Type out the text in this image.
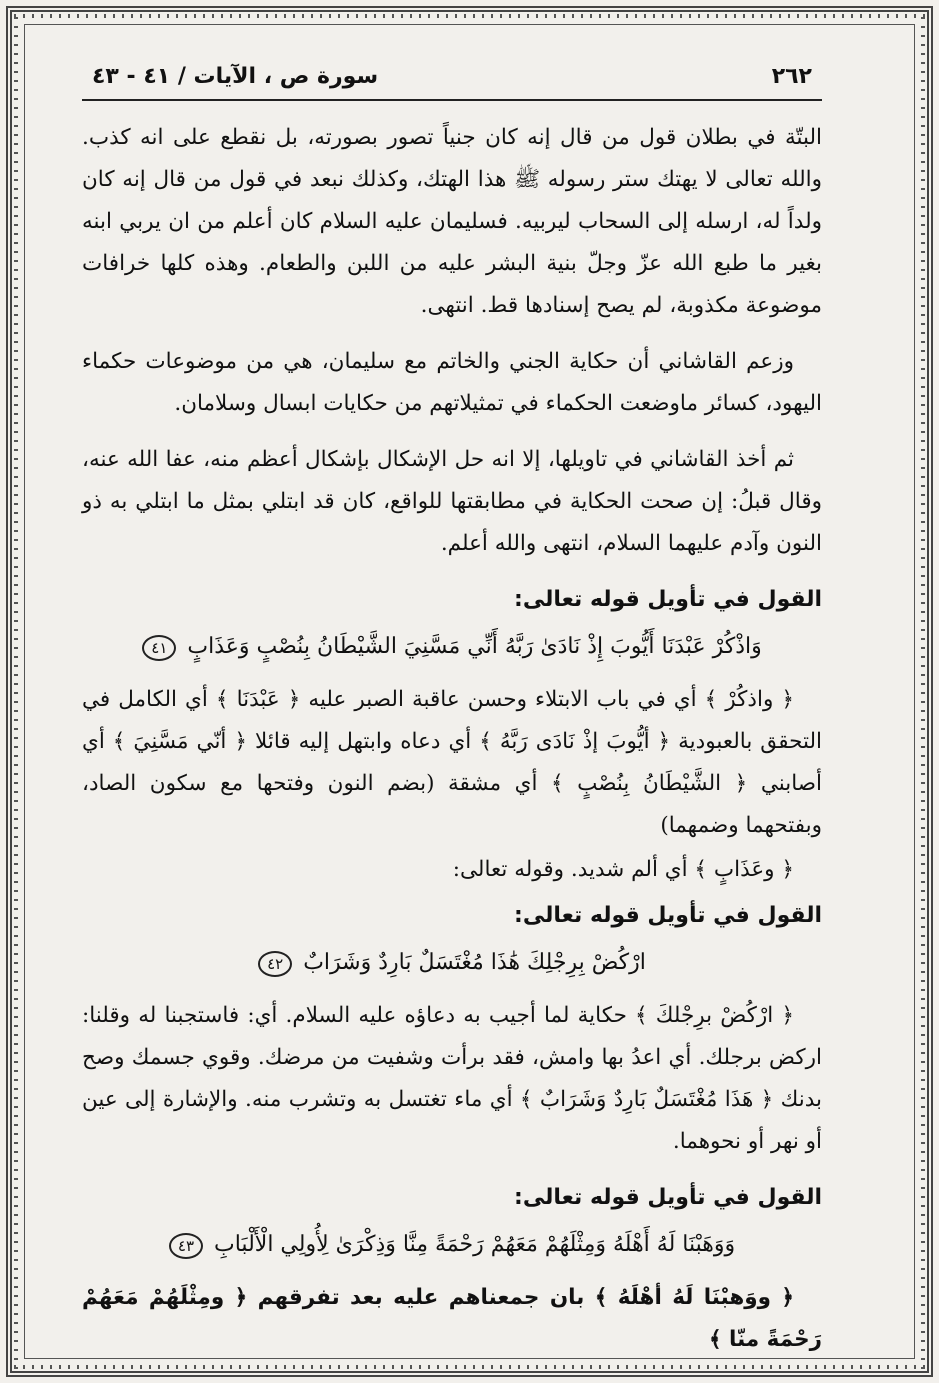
٢٦٢
سورة ص ، الآيات / ٤١ - ٤٣

البتّة في بطلان قول من قال إنه كان جنياً تصور بصورته، بل نقطع على انه كذب. والله تعالى لا يهتك ستر رسوله ﷺ هذا الهتك، وكذلك نبعد في قول من قال إنه كان ولداً له، ارسله إلى السحاب ليربيه. فسليمان عليه السلام كان أعلم من ان يربي ابنه بغير ما طبع الله عزّ وجلّ بنية البشر عليه من اللبن والطعام. وهذه كلها خرافات موضوعة مكذوبة، لم يصح إسنادها قط. انتهى.

وزعم القاشاني أن حكاية الجني والخاتم مع سليمان، هي من موضوعات حكماء اليهود، كسائر ماوضعت الحكماء في تمثيلاتهم من حكايات ابسال وسلامان.

ثم أخذ القاشاني في تاويلها، إلا انه حل الإشكال بإشكال أعظم منه، عفا الله عنه، وقال قبلُ: إن صحت الحكاية في مطابقتها للواقع، كان قد ابتلي بمثل ما ابتلي به ذو النون وآدم عليهما السلام، انتهى والله أعلم.

القول في تأويل قوله تعالى:
وَاذْكُرْ عَبْدَنَا أَيُّوبَ إِذْ نَادَىٰ رَبَّهُ أَنِّي مَسَّنِيَ الشَّيْطَانُ بِنُصْبٍ وَعَذَابٍ ٤١

﴿ واذكُرْ ﴾ أي في باب الابتلاء وحسن عاقبة الصبر عليه ﴿ عَبْدَنَا ﴾ أي الكامل في التحقق بالعبودية ﴿ أيُّوبَ إذْ نَادَى رَبَّهُ ﴾ أي دعاه وابتهل إليه قائلا ﴿ أنّي مَسَّنِيَ ﴾ أي أصابني ﴿ الشَّيْطَانُ بِنُصْبٍ ﴾ أي مشقة (بضم النون وفتحها مع سكون الصاد، وبفتحهما وضمهما)

﴿ وعَذَابٍ ﴾ أي ألم شديد. وقوله تعالى:

القول في تأويل قوله تعالى:
ارْكُضْ بِرِجْلِكَ هَٰذَا مُغْتَسَلٌ بَارِدٌ وَشَرَابٌ ٤٢

﴿ ارْكُضْ برِجْلكَ ﴾ حكاية لما أجيب به دعاؤه عليه السلام. أي: فاستجبنا له وقلنا: اركض برجلك. أي اعدُ بها وامش، فقد برأت وشفيت من مرضك. وقوي جسمك وصح بدنك ﴿ هَذَا مُغْتَسَلٌ بَارِدٌ وَشَرَابٌ ﴾ أي ماء تغتسل به وتشرب منه. والإشارة إلى عين أو نهر أو نحوهما.

القول في تأويل قوله تعالى:
وَوَهَبْنَا لَهُ أَهْلَهُ وَمِثْلَهُمْ مَعَهُمْ رَحْمَةً مِنَّا وَذِكْرَىٰ لِأُولِي الْأَلْبَابِ ٤٣

﴿ ووَهبْنَا لَهُ أهْلَهُ ﴾ بان جمعناهم عليه بعد تفرقهم ﴿ ومِثْلَهُمْ مَعَهُمْ رَحْمَةً منّا ﴾
